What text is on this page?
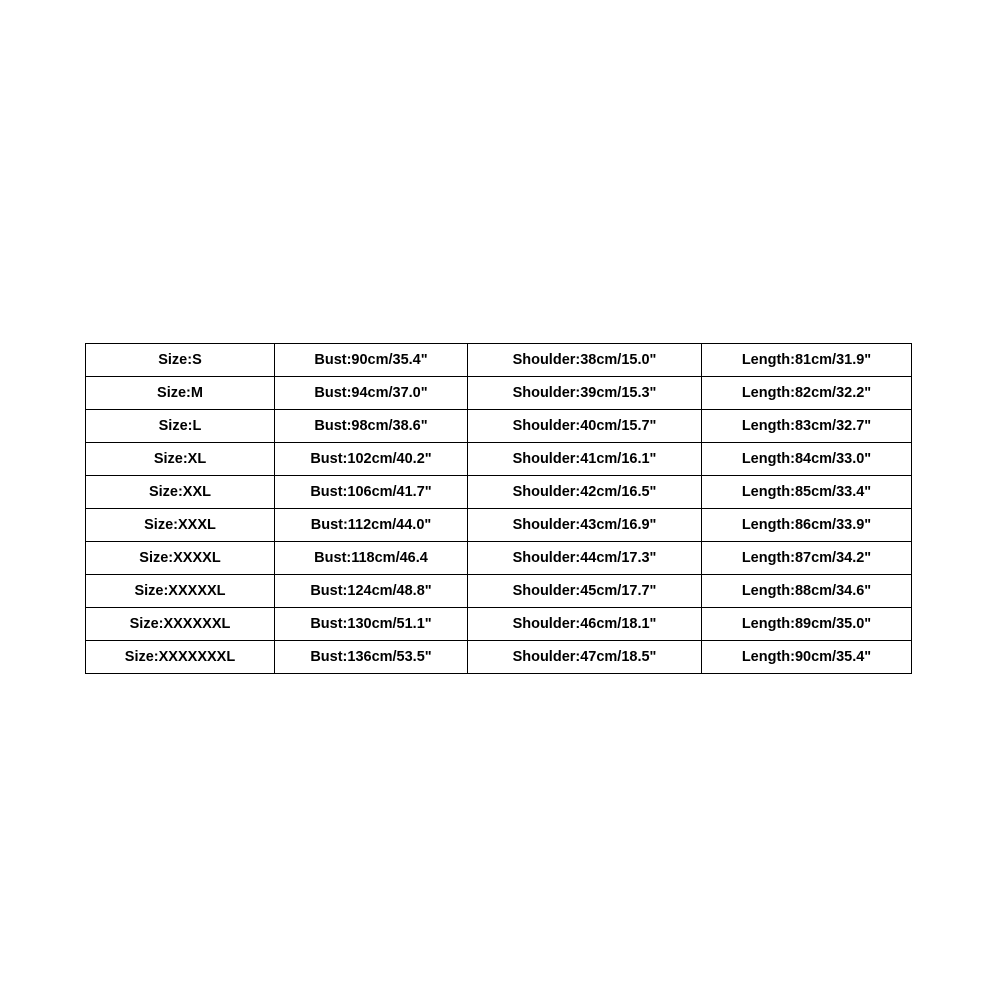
Size:S	Bust:90cm/35.4"	Shoulder:38cm/15.0"	Length:81cm/31.9"
Size:M	Bust:94cm/37.0"	Shoulder:39cm/15.3"	Length:82cm/32.2"
Size:L	Bust:98cm/38.6"	Shoulder:40cm/15.7"	Length:83cm/32.7"
Size:XL	Bust:102cm/40.2"	Shoulder:41cm/16.1"	Length:84cm/33.0"
Size:XXL	Bust:106cm/41.7"	Shoulder:42cm/16.5"	Length:85cm/33.4"
Size:XXXL	Bust:112cm/44.0"	Shoulder:43cm/16.9"	Length:86cm/33.9"
Size:XXXXL	Bust:118cm/46.4	Shoulder:44cm/17.3"	Length:87cm/34.2"
Size:XXXXXL	Bust:124cm/48.8"	Shoulder:45cm/17.7"	Length:88cm/34.6"
Size:XXXXXXL	Bust:130cm/51.1"	Shoulder:46cm/18.1"	Length:89cm/35.0"
Size:XXXXXXXL	Bust:136cm/53.5"	Shoulder:47cm/18.5"	Length:90cm/35.4"
